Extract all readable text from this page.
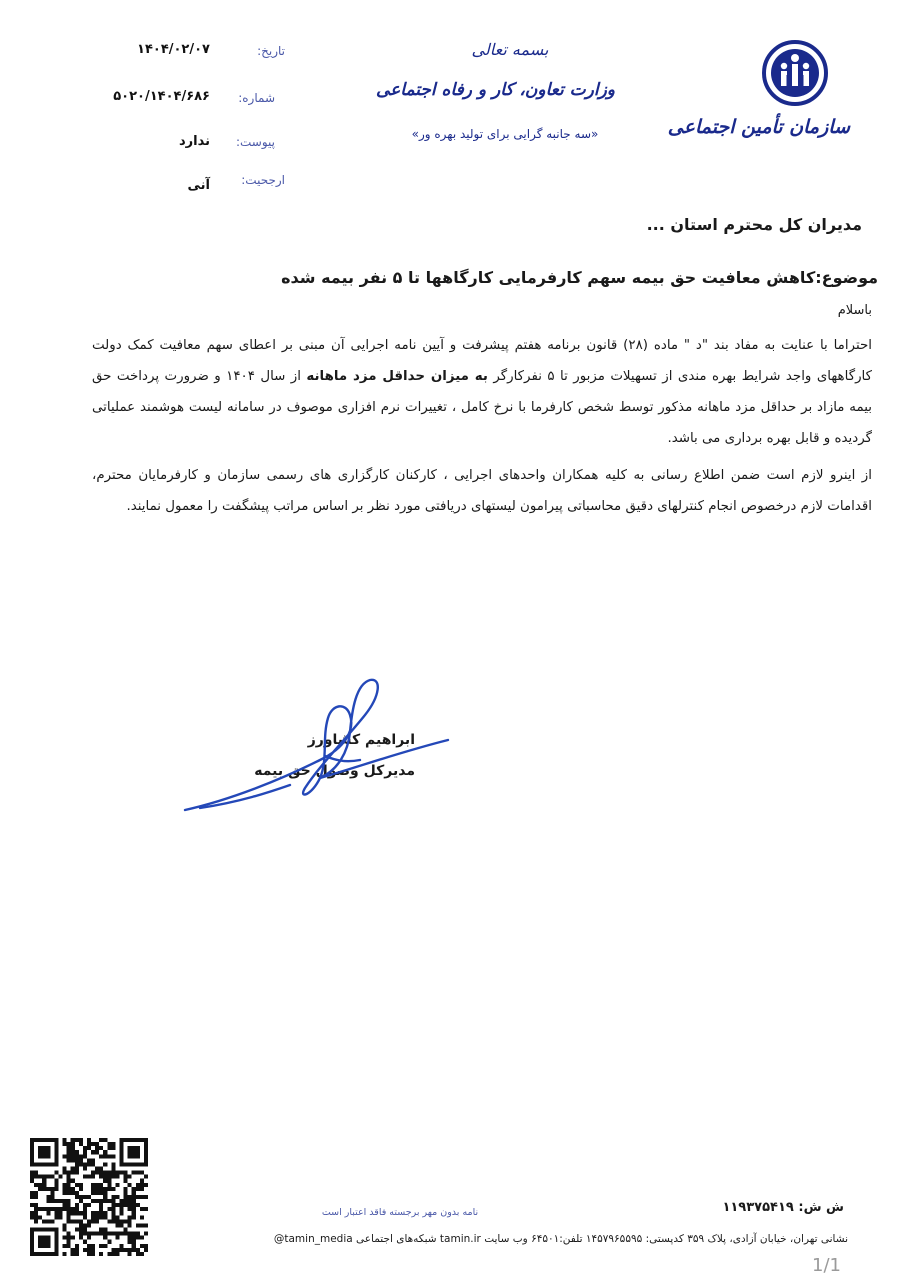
سازمان تأمین اجتماعی
بسمه تعالی
وزارت تعاون، کار و رفاه اجتماعی
«سه جانبه گرایی برای تولید بهره ور»
تاریخ:
۱۴۰۴/۰۲/۰۷
شماره:
۵۰۲۰/۱۴۰۴/۶۸۶
پیوست:
ندارد
ارجحیت:
آنی
مدیران کل محترم استان ...
موضوع:کاهش معافیت حق بیمه سهم کارفرمایی کارگاهها تا ۵ نفر بیمه شده
باسلام
احتراما با عنایت به مفاد بند "د " ماده (۲۸) قانون برنامه هفتم پیشرفت و آیین نامه اجرایی آن مبنی بر اعطای سهم معافیت کمک دولت کارگاههای واجد شرایط بهره مندی از تسهیلات مزبور تا ۵ نفرکارگر به میزان حداقل مزد ماهانه از سال ۱۴۰۴ و ضرورت پرداخت حق بیمه مازاد بر حداقل مزد ماهانه مذکور توسط شخص کارفرما با نرخ کامل ، تغییرات نرم افزاری موصوف در سامانه لیست هوشمند عملیاتی گردیده و قابل بهره برداری می باشد.
از اینرو لازم است ضمن اطلاع رسانی به کلیه همکاران واحدهای اجرایی ، کارکنان کارگزاری های رسمی سازمان و کارفرمایان محترم، اقدامات لازم درخصوص انجام کنترلهای دقیق محاسباتی پیرامون لیستهای دریافتی مورد نظر بر اساس مراتب پیشگفت را معمول نمایند.
ابراهیم کشاورز
مدیرکل وصول حق بیمه
نامه بدون مهر برجسته فاقد اعتبار است	ش ش: ۱۱۹۳۷۵۴۱۹
نشانی تهران، خیابان آزادی، پلاک ۳۵۹ کدپستی: ۱۴۵۷۹۶۵۵۹۵ تلفن:۶۴۵۰۱ وب سایت tamin.ir شبکه‌های اجتماعی tamin_media@
1/1
